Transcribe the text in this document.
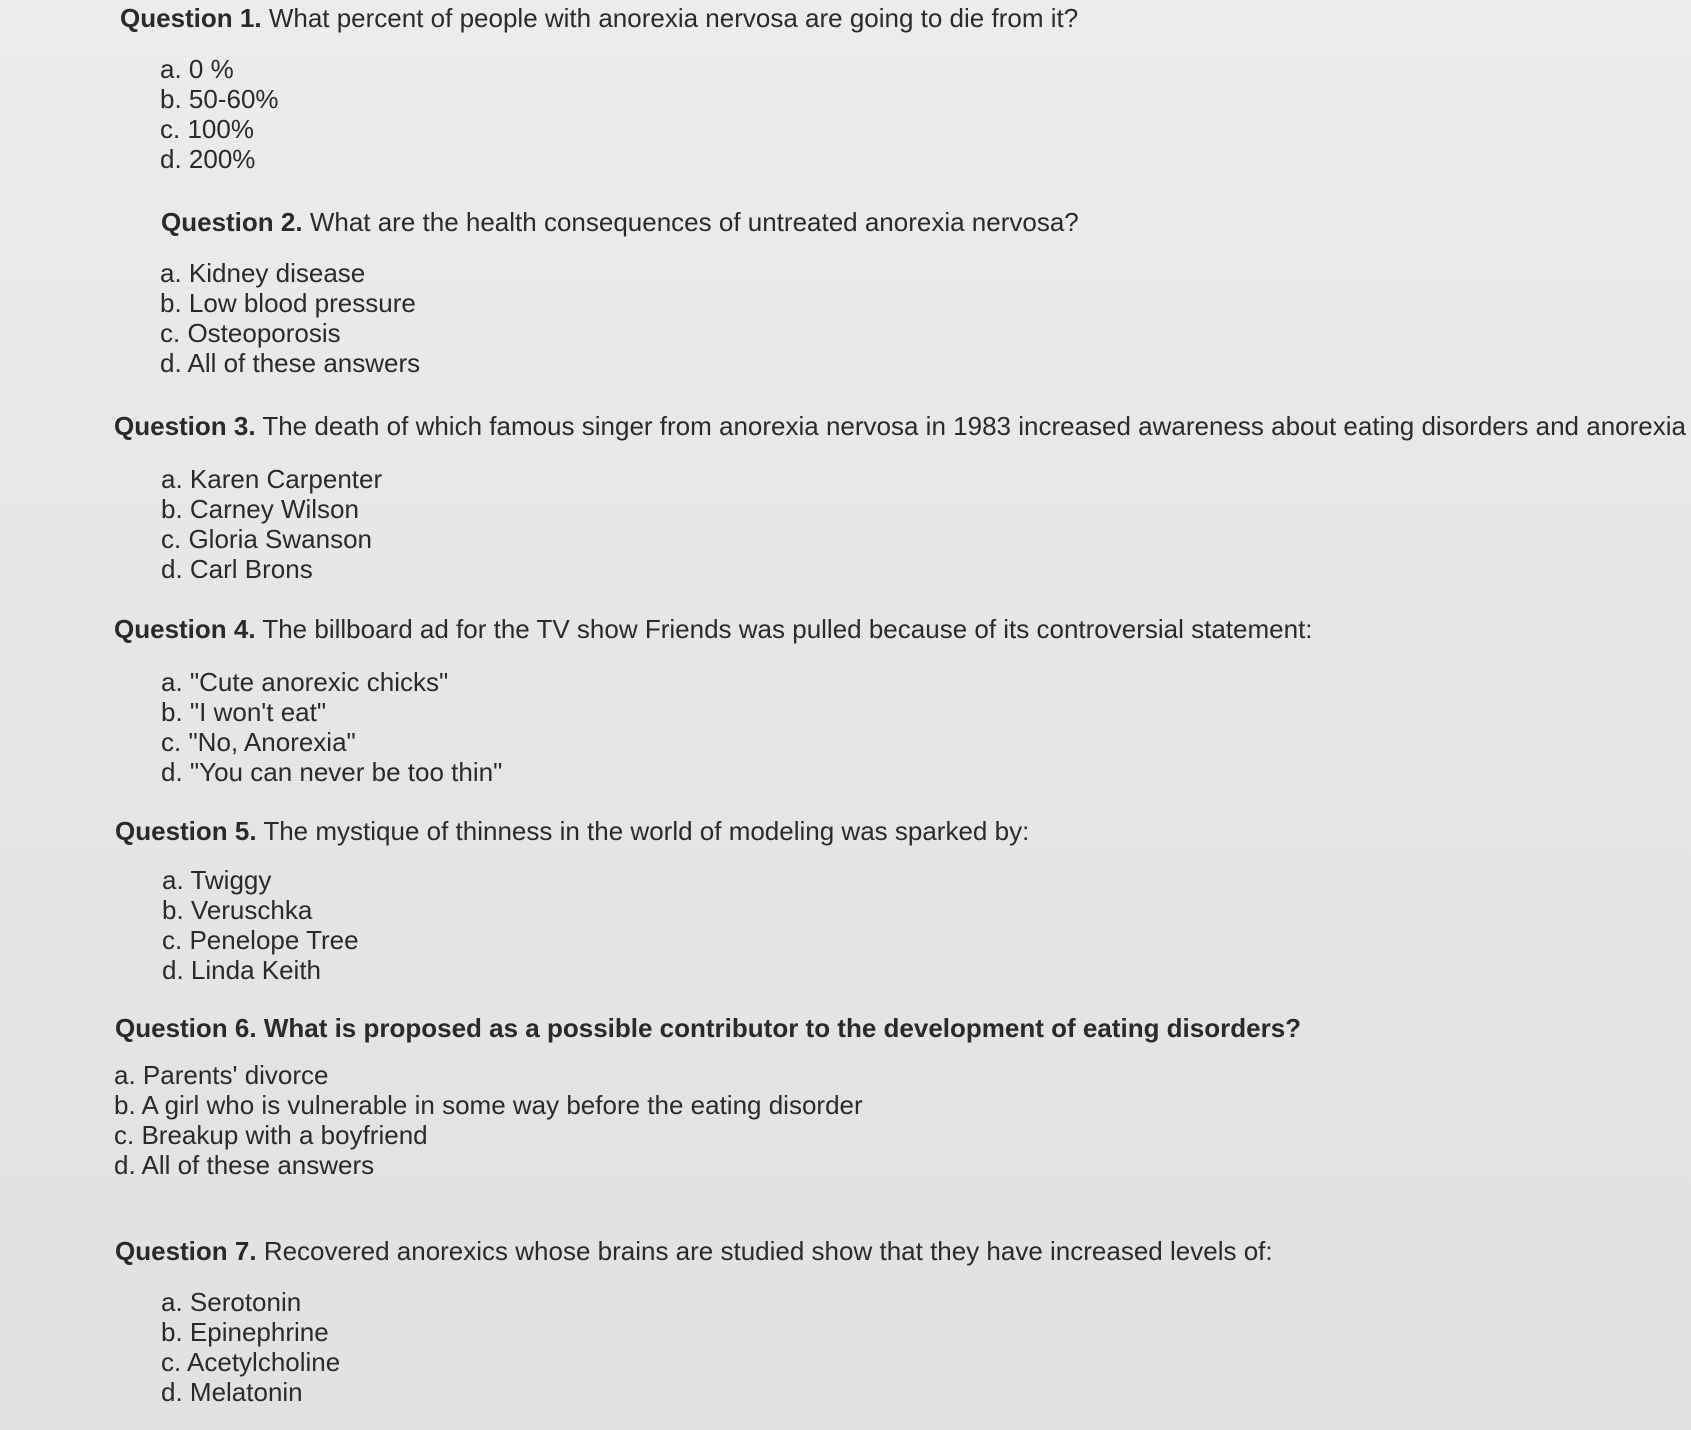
Question 1. What percent of people with anorexia nervosa are going to die from it?

a. 0 %
b. 50-60%
c. 100%
d. 200%

Question 2. What are the health consequences of untreated anorexia nervosa?

a. Kidney disease
b. Low blood pressure
c. Osteoporosis
d. All of these answers

Question 3. The death of which famous singer from anorexia nervosa in 1983 increased awareness about eating disorders and anorexia

a. Karen Carpenter
b. Carney Wilson
c. Gloria Swanson
d. Carl Brons

Question 4. The billboard ad for the TV show Friends was pulled because of its controversial statement:

a. "Cute anorexic chicks"
b. "I won't eat"
c. "No, Anorexia"
d. "You can never be too thin"

Question 5. The mystique of thinness in the world of modeling was sparked by:

a. Twiggy
b. Veruschka
c. Penelope Tree
d. Linda Keith

Question 6. What is proposed as a possible contributor to the development of eating disorders?

a. Parents' divorce
b. A girl who is vulnerable in some way before the eating disorder
c. Breakup with a boyfriend
d. All of these answers

Question 7. Recovered anorexics whose brains are studied show that they have increased levels of:

a. Serotonin
b. Epinephrine
c. Acetylcholine
d. Melatonin
